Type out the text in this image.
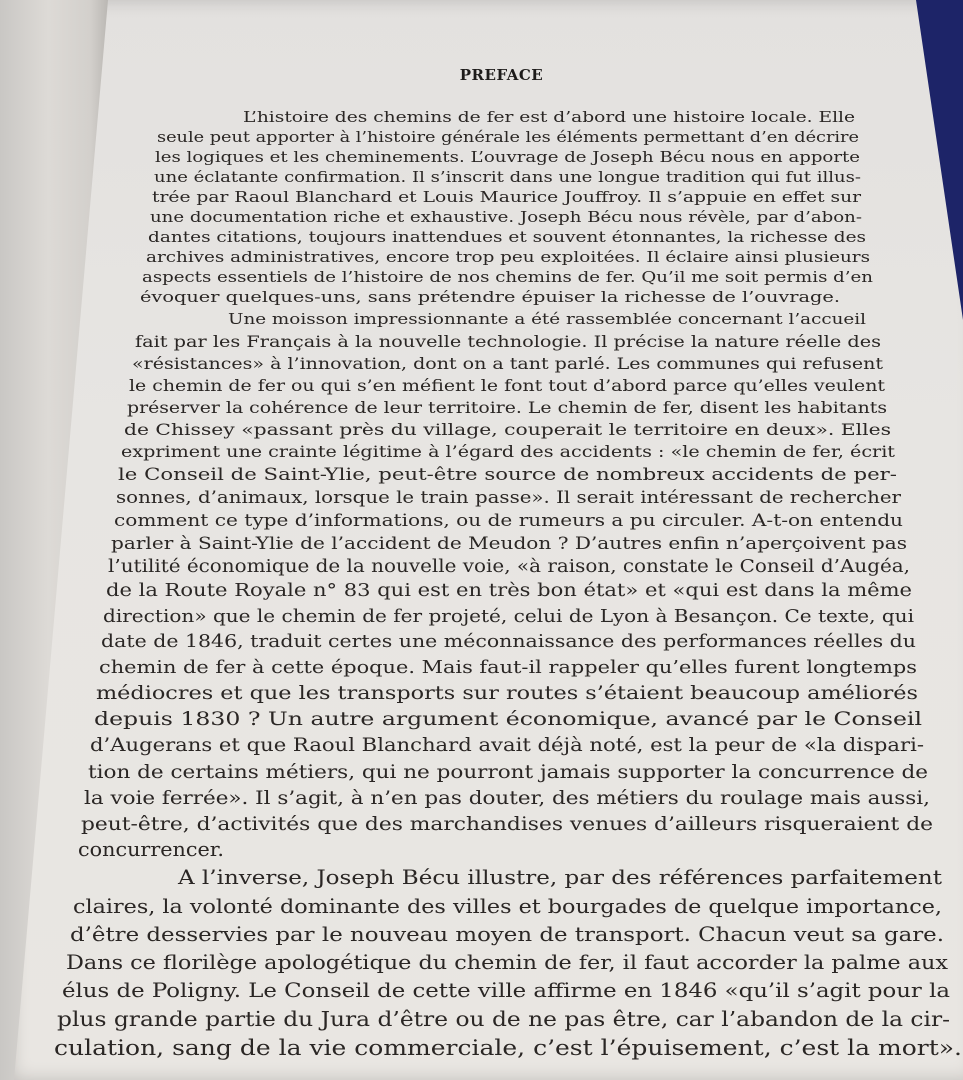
PREFACE
L’histoire des chemins de fer est d’abord une histoire locale. Elle
seule peut apporter à l’histoire générale les éléments permettant d’en décrire
les logiques et les cheminements. L’ouvrage de Joseph Bécu nous en apporte
une éclatante confirmation. Il s’inscrit dans une longue tradition qui fut illus-
trée par Raoul Blanchard et Louis Maurice Jouffroy. Il s’appuie en effet sur
une documentation riche et exhaustive. Joseph Bécu nous révèle, par d’abon-
dantes citations, toujours inattendues et souvent étonnantes, la richesse des
archives administratives, encore trop peu exploitées. Il éclaire ainsi plusieurs
aspects essentiels de l’histoire de nos chemins de fer. Qu’il me soit permis d’en
évoquer quelques-uns, sans prétendre épuiser la richesse de l’ouvrage.
Une moisson impressionnante a été rassemblée concernant l’accueil
fait par les Français à la nouvelle technologie. Il précise la nature réelle des
«résistances» à l’innovation, dont on a tant parlé. Les communes qui refusent
le chemin de fer ou qui s’en méfient le font tout d’abord parce qu’elles veulent
préserver la cohérence de leur territoire. Le chemin de fer, disent les habitants
de Chissey «passant près du village, couperait le territoire en deux». Elles
expriment une crainte légitime à l’égard des accidents : «le chemin de fer, écrit
le Conseil de Saint-Ylie, peut-être source de nombreux accidents de per-
sonnes, d’animaux, lorsque le train passe». Il serait intéressant de rechercher
comment ce type d’informations, ou de rumeurs a pu circuler. A-t-on entendu
parler à Saint-Ylie de l’accident de Meudon ? D’autres enfin n’aperçoivent pas
l’utilité économique de la nouvelle voie, «à raison, constate le Conseil d’Augéa,
de la Route Royale n° 83 qui est en très bon état» et «qui est dans la même
direction» que le chemin de fer projeté, celui de Lyon à Besançon. Ce texte, qui
date de 1846, traduit certes une méconnaissance des performances réelles du
chemin de fer à cette époque. Mais faut-il rappeler qu’elles furent longtemps
médiocres et que les transports sur routes s’étaient beaucoup améliorés
depuis 1830 ? Un autre argument économique, avancé par le Conseil
d’Augerans et que Raoul Blanchard avait déjà noté, est la peur de «la dispari-
tion de certains métiers, qui ne pourront jamais supporter la concurrence de
la voie ferrée». Il s’agit, à n’en pas douter, des métiers du roulage mais aussi,
peut-être, d’activités que des marchandises venues d’ailleurs risqueraient de
concurrencer.
A l’inverse, Joseph Bécu illustre, par des références parfaitement
claires, la volonté dominante des villes et bourgades de quelque importance,
d’être desservies par le nouveau moyen de transport. Chacun veut sa gare.
Dans ce florilège apologétique du chemin de fer, il faut accorder la palme aux
élus de Poligny. Le Conseil de cette ville affirme en 1846 «qu’il s’agit pour la
plus grande partie du Jura d’être ou de ne pas être, car l’abandon de la cir-
culation, sang de la vie commerciale, c’est l’épuisement, c’est la mort».
